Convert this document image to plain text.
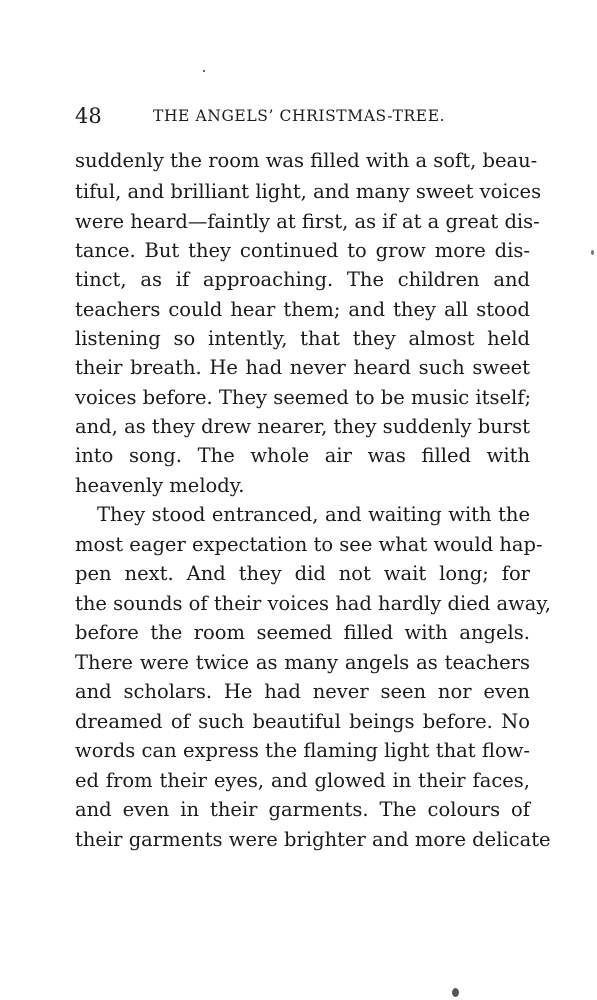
48	THE ANGELS’ CHRISTMAS-TREE.
suddenly the room was filled with a soft, beau-
tiful, and brilliant light, and many sweet voices
were heard—faintly at first, as if at a great dis-
tance. But they continued to grow more dis-
tinct, as if approaching. The children and
teachers could hear them; and they all stood
listening so intently, that they almost held
their breath. He had never heard such sweet
voices before. They seemed to be music itself;
and, as they drew nearer, they suddenly burst
into song. The whole air was filled with
heavenly melody.
They stood entranced, and waiting with the
most eager expectation to see what would hap-
pen next. And they did not wait long; for
the sounds of their voices had hardly died away,
before the room seemed filled with angels.
There were twice as many angels as teachers
and scholars. He had never seen nor even
dreamed of such beautiful beings before. No
words can express the flaming light that flow-
ed from their eyes, and glowed in their faces,
and even in their garments. The colours of
their garments were brighter and more delicate
